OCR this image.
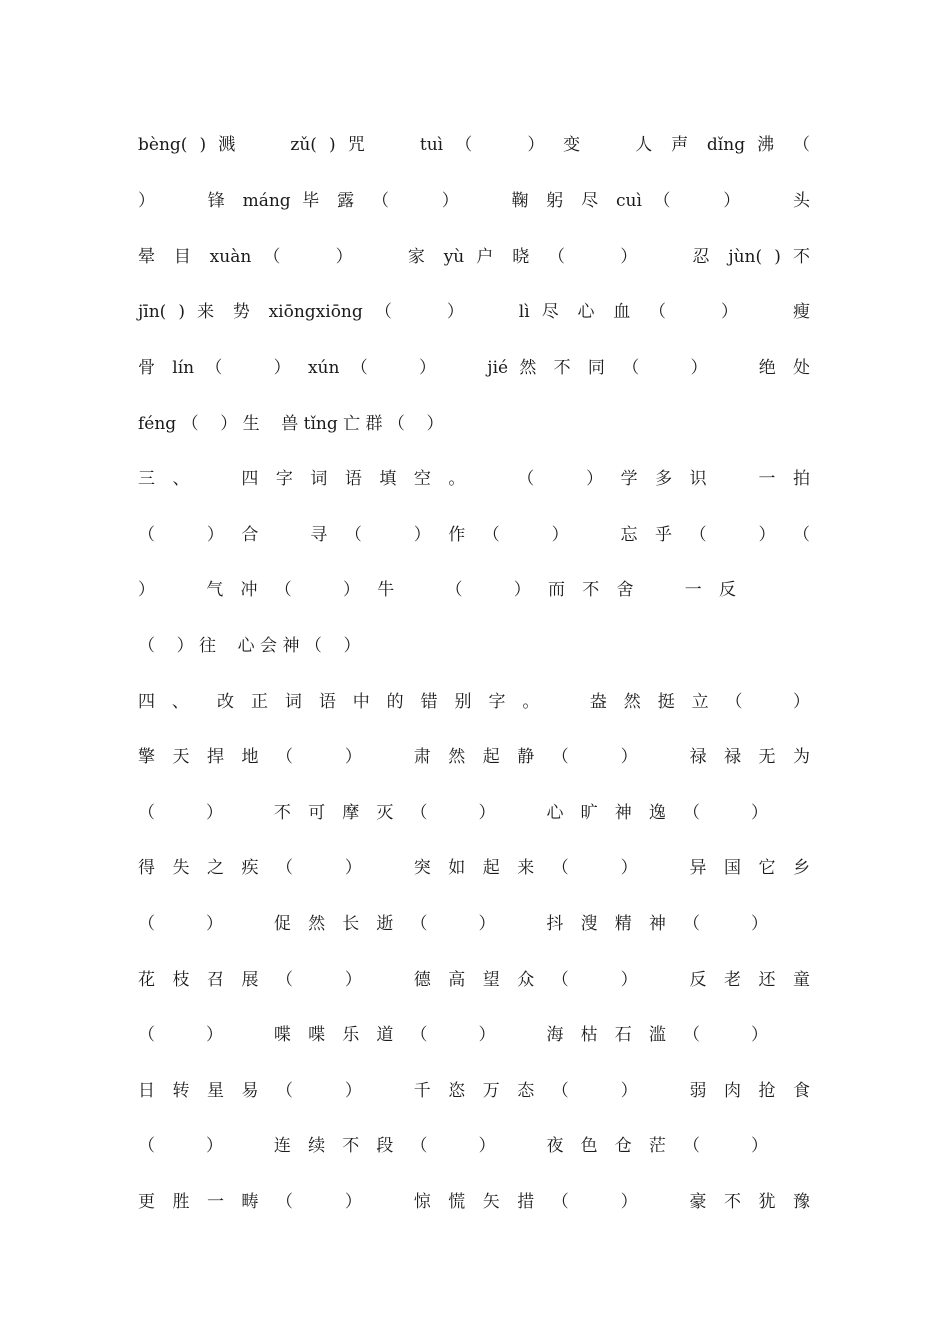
bèng( ) 溅    zǔ( ) 咒    tuì （    ） 变    人 声 dǐng 沸 （
）    锋 máng 毕 露 （    ）    鞠 躬 尽 cuì （    ）    头
晕 目 xuàn （    ）    家 yù 户 晓 （    ）    忍 jùn( ) 不
jīn( ) 来 势 xiōngxiōng （    ）    lì 尽 心 血 （    ）    瘦
骨 lín （    ） xún （    ）    jié 然 不 同 （    ）    绝 处
féng （    ） 生    兽 tǐng 亡 群 （    ）
三 、    四 字 词 语 填 空 。    （    ） 学 多 识    一 拍
（    ） 合    寻 （    ） 作 （    ）    忘 乎 （    ） （
）    气 冲 （    ） 牛    （    ） 而 不 舍    一 反
（    ） 往    心 会 神 （    ）
四 、  改 正 词 语 中 的 错 别 字 。    盎 然 挺 立 （    ）
擎 天 捍 地 （    ）    肃 然 起 静 （    ）    禄 禄 无 为
（    ）    不 可 摩 灭 （    ）    心 旷 神 逸 （    ）
得 失 之 疾 （    ）    突 如 起 来 （    ）    异 国 它 乡
（    ）    促 然 长 逝 （    ）    抖 溲 精 神 （    ）
花 枝 召 展 （    ）    德 高 望 众 （    ）    反 老 还 童
（    ）    喋 喋 乐 道 （    ）    海 枯 石 滥 （    ）
日 转 星 易 （    ）    千 恣 万 态 （    ）    弱 肉 抢 食
（    ）    连 续 不 段 （    ）    夜 色 仓 茫 （    ）
更 胜 一 畴 （    ）    惊 慌 矢 措 （    ）    豪 不 犹 豫
